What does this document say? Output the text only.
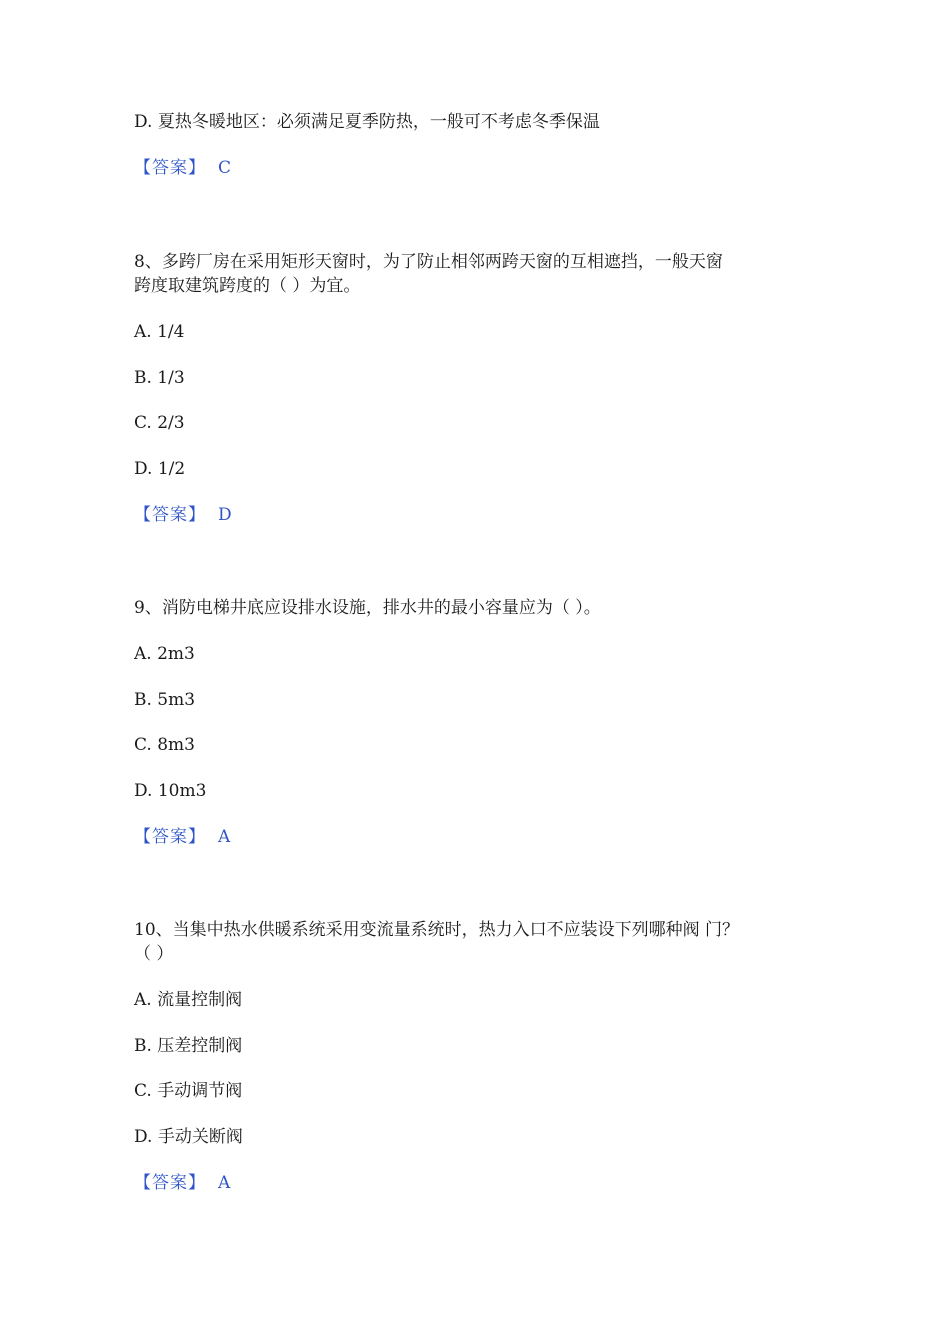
D. 夏热冬暖地区：必须满足夏季防热，一般可不考虑冬季保温
【答案】 C
8、多跨厂房在采用矩形天窗时，为了防止相邻两跨天窗的互相遮挡，一般天窗
跨度取建筑跨度的（ ）为宜。
A. 1/4
B. 1/3
C. 2/3
D. 1/2
【答案】 D
9、消防电梯井底应设排水设施，排水井的最小容量应为（ ）。
A. 2m3
B. 5m3
C. 8m3
D. 10m3
【答案】 A
10、当集中热水供暖系统采用变流量系统时，热力入口不应装设下列哪种阀 门？
（ ）
A. 流量控制阀
B. 压差控制阀
C. 手动调节阀
D. 手动关断阀
【答案】 A
